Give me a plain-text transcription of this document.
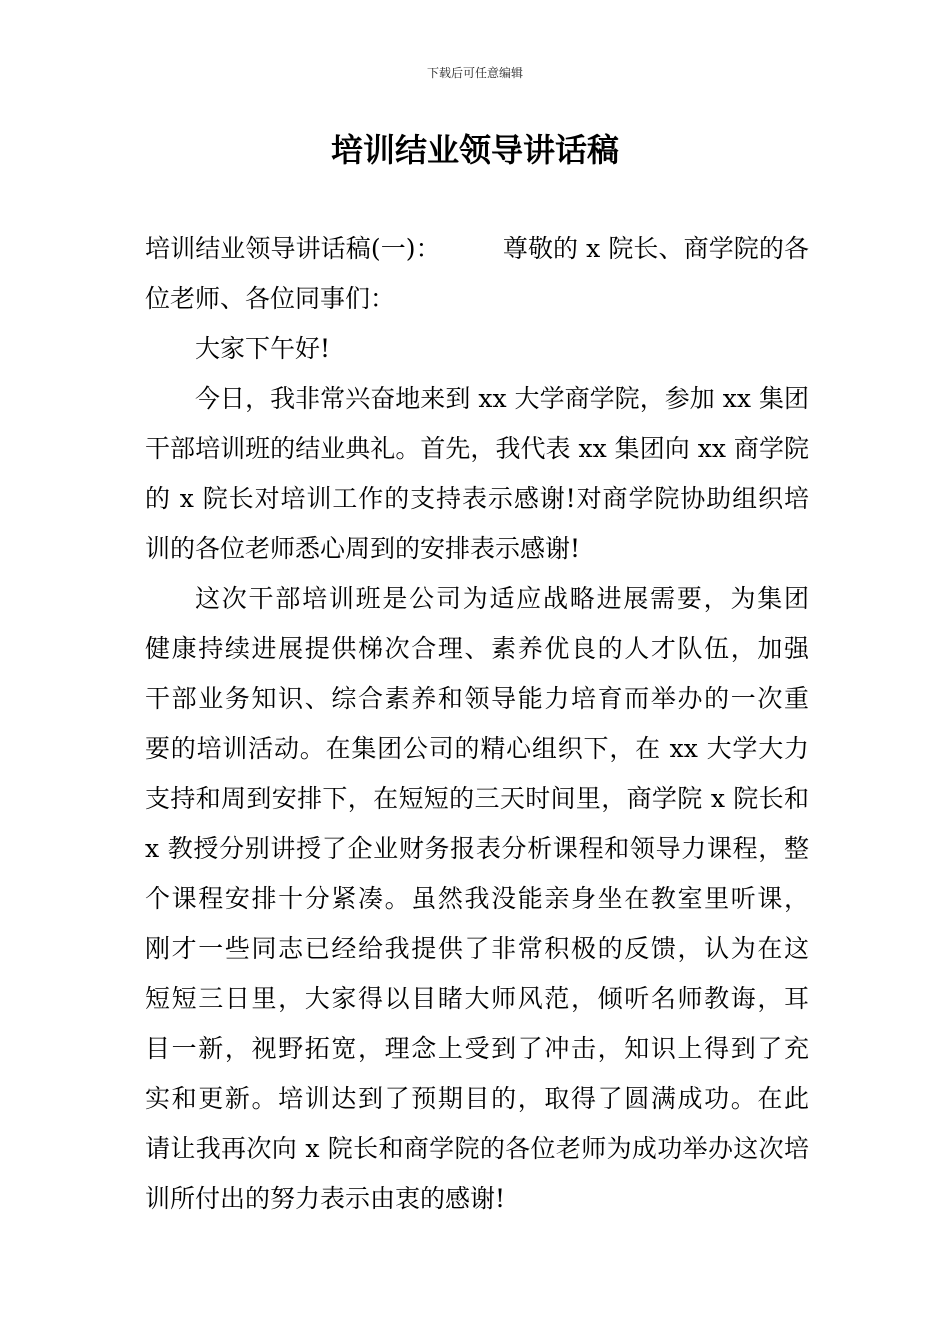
下载后可任意编辑
培训结业领导讲话稿
培训结业领导讲话稿(一)： 尊敬的 x 院长、商学院的各
位老师、各位同事们：
大家下午好!
今日，我非常兴奋地来到 xx 大学商学院，参加 xx 集团
干部培训班的结业典礼。首先，我代表 xx 集团向 xx 商学院
的 x 院长对培训工作的支持表示感谢!对商学院协助组织培
训的各位老师悉心周到的安排表示感谢!
这次干部培训班是公司为适应战略进展需要，为集团
健康持续进展提供梯次合理、素养优良的人才队伍，加强
干部业务知识、综合素养和领导能力培育而举办的一次重
要的培训活动。在集团公司的精心组织下，在 xx 大学大力
支持和周到安排下，在短短的三天时间里，商学院 x 院长和
x 教授分别讲授了企业财务报表分析课程和领导力课程，整
个课程安排十分紧凑。虽然我没能亲身坐在教室里听课，
刚才一些同志已经给我提供了非常积极的反馈，认为在这
短短三日里，大家得以目睹大师风范，倾听名师教诲，耳
目一新，视野拓宽，理念上受到了冲击，知识上得到了充
实和更新。培训达到了预期目的，取得了圆满成功。在此
请让我再次向 x 院长和商学院的各位老师为成功举办这次培
训所付出的努力表示由衷的感谢!
